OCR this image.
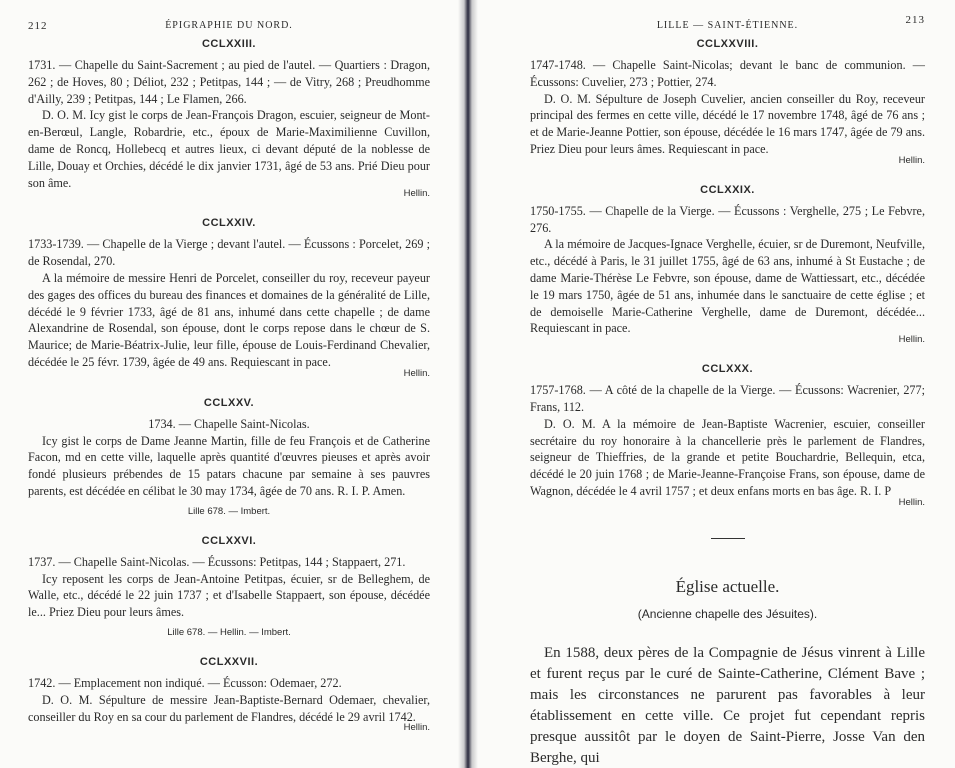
212	ÉPIGRAPHIE DU NORD.
CCLXXIII.

1731. — Chapelle du Saint-Sacrement ; au pied de l'autel. — Quartiers : Dragon, 262 ; de Hoves, 80 ; Déliot, 232 ; Petitpas, 144 ; — de Vitry, 268 ; Preudhomme d'Ailly, 239 ; Petitpas, 144 ; Le Flamen, 266.

D. O. M. Icy gist le corps de Jean-François Dragon, escuier, seigneur de Mont-en-Berœul, Langle, Robardrie, etc., époux de Marie-Maximilienne Cuvillon, dame de Roncq, Hollebecq et autres lieux, ci devant député de la noblesse de Lille, Douay et Orchies, décédé le dix janvier 1731, âgé de 53 ans. Prié Dieu pour son âme.

Hellin.
CCLXXIV.

1733-1739. — Chapelle de la Vierge ; devant l'autel. — Écussons : Porcelet, 269 ; de Rosendal, 270.

A la mémoire de messire Henri de Porcelet, conseiller du roy, receveur payeur des gages des offices du bureau des finances et domaines de la généralité de Lille, décédé le 9 février 1733, âgé de 81 ans, inhumé dans cette chapelle ; de dame Alexandrine de Rosendal, son épouse, dont le corps repose dans le chœur de S. Maurice; de Marie-Béatrix-Julie, leur fille, épouse de Louis-Ferdinand Chevalier, décédée le 25 févr. 1739, âgée de 49 ans. Requiescant in pace.

Hellin.
CCLXXV.

1734. — Chapelle Saint-Nicolas.

Icy gist le corps de Dame Jeanne Martin, fille de feu François et de Catherine Facon, md en cette ville, laquelle après quantité d'œuvres pieuses et après avoir fondé plusieurs prébendes de 15 patars chacune par semaine à ses pauvres parents, est décédée en célibat le 30 may 1734, âgée de 70 ans. R. I. P. Amen.

Lille 678. — Imbert.
CCLXXVI.

1737. — Chapelle Saint-Nicolas. — Écussons: Petitpas, 144 ; Stappaert, 271.

Icy reposent les corps de Jean-Antoine Petitpas, écuier, sr de Belleghem, de Walle, etc., décédé le 22 juin 1737 ; et d'Isabelle Stappaert, son épouse, décédée le... Priez Dieu pour leurs âmes.

Lille 678. — Hellin. — Imbert.
CCLXXVII.

1742. — Emplacement non indiqué. — Écusson: Odemaer, 272.

D. O. M. Sépulture de messire Jean-Baptiste-Bernard Odemaer, chevalier, conseiller du Roy en sa cour du parlement de Flandres, décédé le 29 avril 1742.

Hellin.
LILLE — SAINT-ÉTIENNE.	213
CCLXXVIII.

1747-1748. — Chapelle Saint-Nicolas; devant le banc de communion. — Écussons: Cuvelier, 273 ; Pottier, 274.

D. O. M. Sépulture de Joseph Cuvelier, ancien conseiller du Roy, receveur principal des fermes en cette ville, décédé le 17 novembre 1748, âgé de 76 ans ; et de Marie-Jeanne Pottier, son épouse, décédée le 16 mars 1747, âgée de 79 ans. Priez Dieu pour leurs âmes. Requiescant in pace.

Hellin.
CCLXXIX.

1750-1755. — Chapelle de la Vierge. — Écussons : Verghelle, 275 ; Le Febvre, 276.

A la mémoire de Jacques-Ignace Verghelle, écuier, sr de Duremont, Neufville, etc., décédé à Paris, le 31 juillet 1755, âgé de 63 ans, inhumé à St Eustache ; de dame Marie-Thérèse Le Febvre, son épouse, dame de Wattiessart, etc., décédée le 19 mars 1750, âgée de 51 ans, inhumée dans le sanctuaire de cette église ; et de demoiselle Marie-Catherine Verghelle, dame de Duremont, décédée... Requiescant in pace.

Hellin.
CCLXXX.

1757-1768. — A côté de la chapelle de la Vierge. — Écussons: Wacrenier, 277; Frans, 112.

D. O. M. A la mémoire de Jean-Baptiste Wacrenier, escuier, conseiller secrétaire du roy honoraire à la chancellerie près le parlement de Flandres, seigneur de Thieffries, de la grande et petite Bouchardrie, Bellequin, etca, décédé le 20 juin 1768 ; de Marie-Jeanne-Françoise Frans, son épouse, dame de Wagnon, décédée le 4 avril 1757 ; et deux enfans morts en bas âge. R. I. P

Hellin.
Église actuelle.
(Ancienne chapelle des Jésuites).

En 1588, deux pères de la Compagnie de Jésus vinrent à Lille et furent reçus par le curé de Sainte-Catherine, Clément Bave ; mais les circonstances ne parurent pas favorables à leur établissement en cette ville. Ce projet fut cependant repris presque aussitôt par le doyen de Saint-Pierre, Josse Van den Berghe, qui
